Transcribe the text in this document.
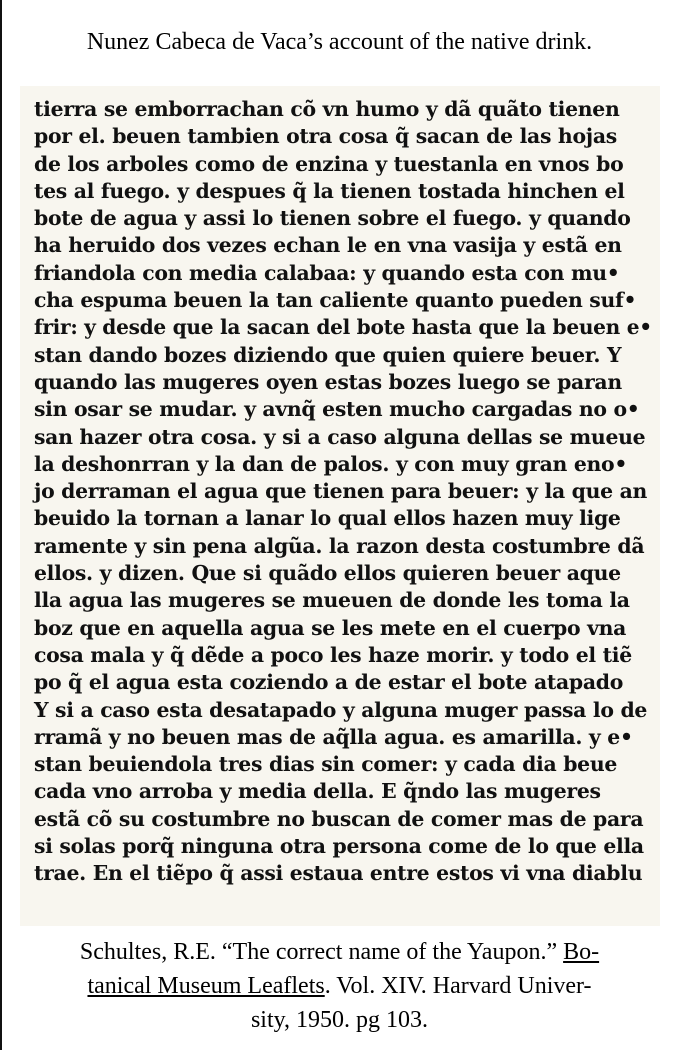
Nunez Cabeca de Vaca’s account of the native drink.
tierra se emborrachan cõ vn humo y dã quãto tienen
por el. beuen tambien otra cosa q̃ sacan de las hojas
de los arboles como de enzina y tuestanla en vnos bo
tes al fuego. y despues q̃ la tienen tostada hinchen el
bote de agua y assi lo tienen sobre el fuego. y quando
ha heruido dos vezes echan le en vna vasija y estã en
friandola con media calabaa: y quando esta con mu•
cha espuma beuen la tan caliente quanto pueden suf•
frir: y desde que la sacan del bote hasta que la beuen e•
stan dando bozes diziendo que quien quiere beuer. Y
quando las mugeres oyen estas bozes luego se paran
sin osar se mudar. y avnq̃ esten mucho cargadas no o•
san hazer otra cosa. y si a caso alguna dellas se mueue
la deshonrran y la dan de palos. y con muy gran eno•
jo derraman el agua que tienen para beuer: y la que an
beuido la tornan a lanar lo qual ellos hazen muy lige
ramente y sin pena algũa. la razon desta costumbre dã
ellos. y dizen. Que si quãdo ellos quieren beuer aque
lla agua las mugeres se mueuen de donde les toma la
boz que en aquella agua se les mete en el cuerpo vna
cosa mala y q̃ dẽde a poco les haze morir. y todo el tiẽ
po q̃ el agua esta coziendo a de estar el bote atapado
Y si a caso esta desatapado y alguna muger passa lo de
rramã y no beuen mas de aq̃lla agua. es amarilla. y e•
stan beuiendola tres dias sin comer: y cada dia beue
cada vno arroba y media della. E q̃ndo las mugeres
estã cõ su costumbre no buscan de comer mas de para
si solas porq̃ ninguna otra persona come de lo que ella
trae. En el tiẽpo q̃ assi estaua entre estos vi vna diablu
Schultes, R.E. “The correct name of the Yaupon.” Bo-
tanical Museum Leaflets. Vol. XIV. Harvard Univer-
sity, 1950. pg 103.
